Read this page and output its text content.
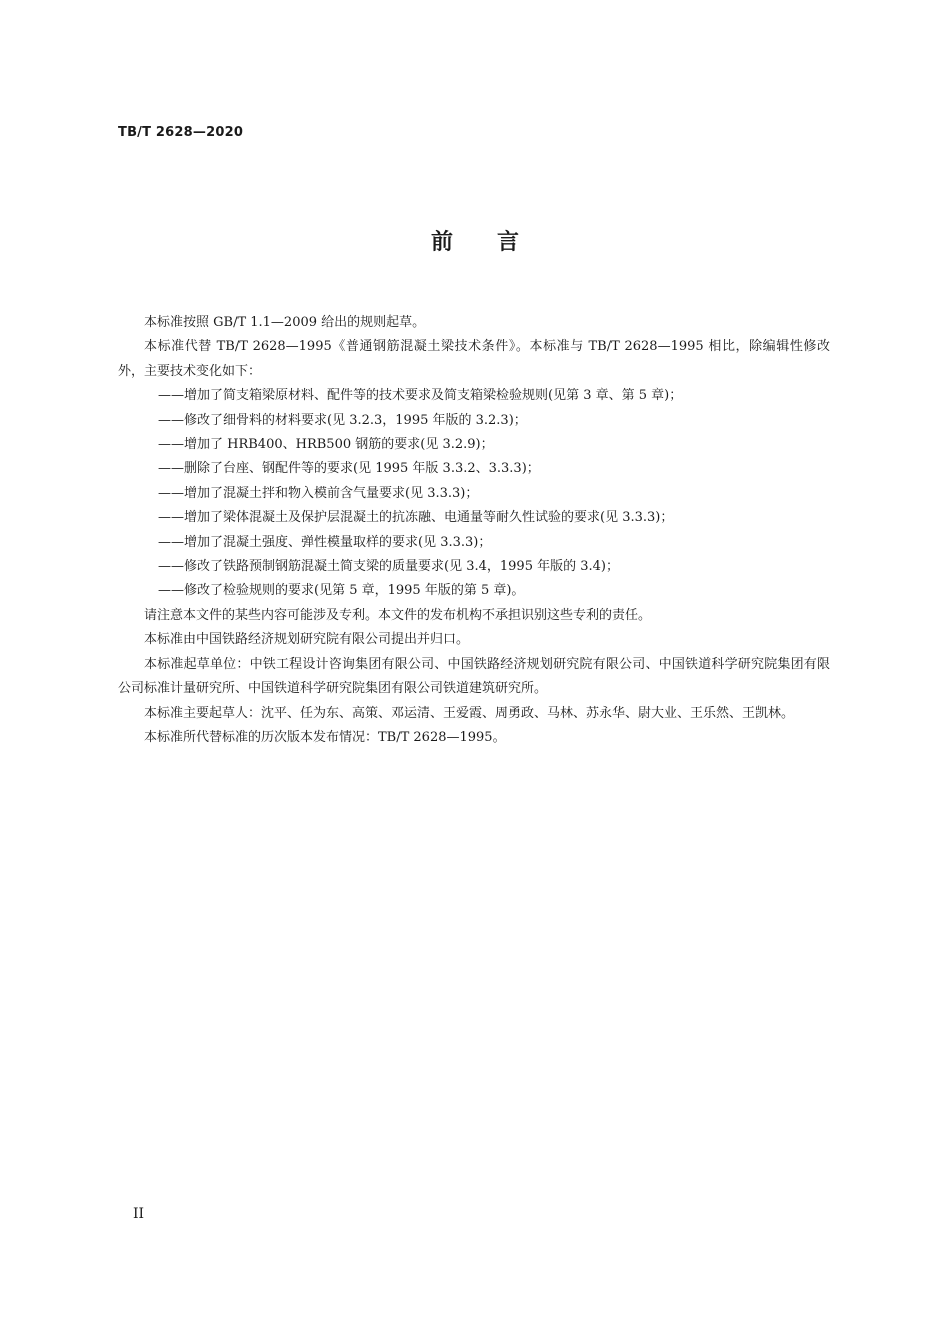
TB/T 2628—2020
前言

本标准按照 GB/T 1.1—2009 给出的规则起草。

本标准代替 TB/T 2628—1995《普通钢筋混凝土梁技术条件》。本标准与 TB/T 2628—1995 相比，除编辑性修改外，主要技术变化如下：

——增加了简支箱梁原材料、配件等的技术要求及简支箱梁检验规则(见第 3 章、第 5 章)；

——修改了细骨料的材料要求(见 3.2.3，1995 年版的 3.2.3)；

——增加了 HRB400、HRB500 钢筋的要求(见 3.2.9)；

——删除了台座、钢配件等的要求(见 1995 年版 3.3.2、3.3.3)；

——增加了混凝土拌和物入模前含气量要求(见 3.3.3)；

——增加了梁体混凝土及保护层混凝土的抗冻融、电通量等耐久性试验的要求(见 3.3.3)；

——增加了混凝土强度、弹性模量取样的要求(见 3.3.3)；

——修改了铁路预制钢筋混凝土简支梁的质量要求(见 3.4，1995 年版的 3.4)；

——修改了检验规则的要求(见第 5 章，1995 年版的第 5 章)。

请注意本文件的某些内容可能涉及专利。本文件的发布机构不承担识别这些专利的责任。

本标准由中国铁路经济规划研究院有限公司提出并归口。

本标准起草单位：中铁工程设计咨询集团有限公司、中国铁路经济规划研究院有限公司、中国铁道科学研究院集团有限公司标准计量研究所、中国铁道科学研究院集团有限公司铁道建筑研究所。

本标准主要起草人：沈平、任为东、高策、邓运清、王爱霞、周勇政、马林、苏永华、尉大业、王乐然、王凯林。

本标准所代替标准的历次版本发布情况：TB/T 2628—1995。

II
